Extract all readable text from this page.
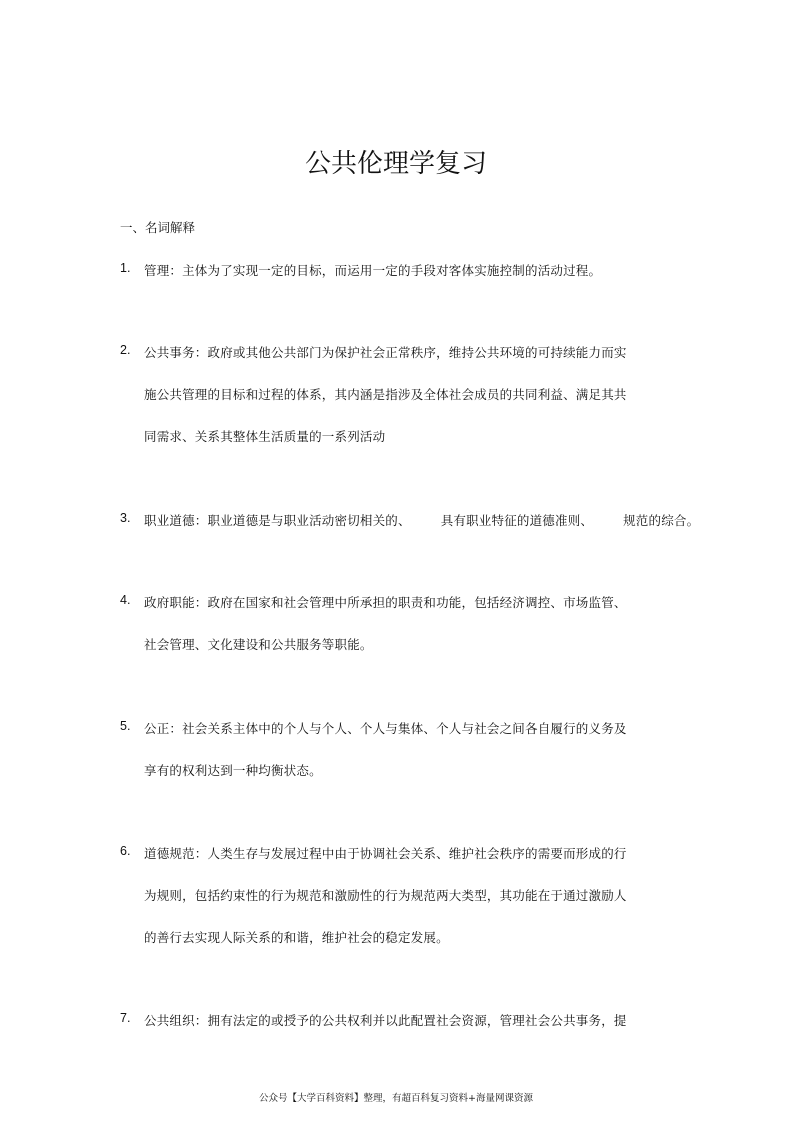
公共伦理学复习
一、名词解释
1. 管理：主体为了实现一定的目标，而运用一定的手段对客体实施控制的活动过程。
2. 公共事务：政府或其他公共部门为保护社会正常秩序，维持公共环境的可持续能力而实
施公共管理的目标和过程的体系，其内涵是指涉及全体社会成员的共同利益、满足其共
同需求、关系其整体生活质量的一系列活动
3. 职业道德：职业道德是与职业活动密切相关的、 具有职业特征的道德准则、 规范的综合。
4. 政府职能：政府在国家和社会管理中所承担的职责和功能，包括经济调控、市场监管、
社会管理、文化建设和公共服务等职能。
5. 公正：社会关系主体中的个人与个人、个人与集体、个人与社会之间各自履行的义务及
享有的权利达到一种均衡状态。
6. 道德规范：人类生存与发展过程中由于协调社会关系、维护社会秩序的需要而形成的行
为规则，包括约束性的行为规范和激励性的行为规范两大类型，其功能在于通过激励人
的善行去实现人际关系的和谐，维护社会的稳定发展。
7. 公共组织：拥有法定的或授予的公共权利并以此配置社会资源，管理社会公共事务，提
公众号【大学百科资料】整理，有超百科复习资料+海量网课资源
